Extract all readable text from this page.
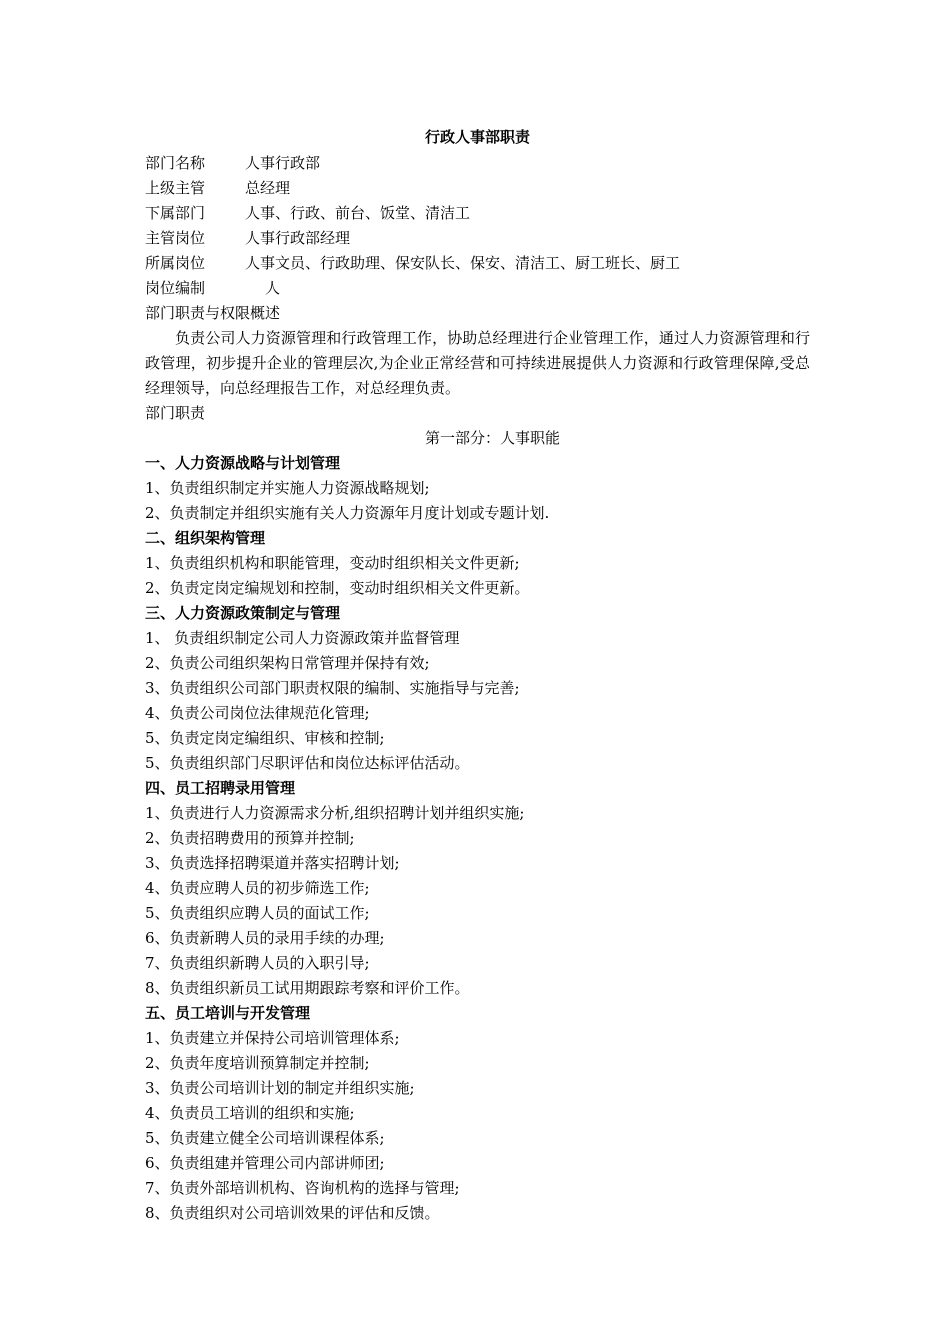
行政人事部职责
部门名称	人事行政部
上级主管	总经理
下属部门	人事、行政、前台、饭堂、清洁工
主管岗位	人事行政部经理
所属岗位	人事文员、行政助理、保安队长、保安、清洁工、厨工班长、厨工
岗位编制	人
部门职责与权限概述

负责公司人力资源管理和行政管理工作，协助总经理进行企业管理工作，通过人力资源管理和行政管理，初步提升企业的管理层次,为企业正常经营和可持续进展提供人力资源和行政管理保障,受总经理领导，向总经理报告工作，对总经理负责。

部门职责
第一部分：人事职能
一、人力资源战略与计划管理
1、负责组织制定并实施人力资源战略规划;
2、负责制定并组织实施有关人力资源年月度计划或专题计划.
二、组织架构管理
1、负责组织机构和职能管理，变动时组织相关文件更新;
2、负责定岗定编规划和控制，变动时组织相关文件更新。
三、人力资源政策制定与管理
1、 负责组织制定公司人力资源政策并监督管理
2、负责公司组织架构日常管理并保持有效;
3、负责组织公司部门职责权限的编制、实施指导与完善;
4、负责公司岗位法律规范化管理;
5、负责定岗定编组织、审核和控制;
5、负责组织部门尽职评估和岗位达标评估活动。
四、员工招聘录用管理
1、负责进行人力资源需求分析,组织招聘计划并组织实施;
2、负责招聘费用的预算并控制;
3、负责选择招聘渠道并落实招聘计划;
4、负责应聘人员的初步筛选工作;
5、负责组织应聘人员的面试工作;
6、负责新聘人员的录用手续的办理;
7、负责组织新聘人员的入职引导;
8、负责组织新员工试用期跟踪考察和评价工作。
五、员工培训与开发管理
1、负责建立并保持公司培训管理体系;
2、负责年度培训预算制定并控制;
3、负责公司培训计划的制定并组织实施;
4、负责员工培训的组织和实施;
5、负责建立健全公司培训课程体系;
6、负责组建并管理公司内部讲师团;
7、负责外部培训机构、咨询机构的选择与管理;
8、负责组织对公司培训效果的评估和反馈。
